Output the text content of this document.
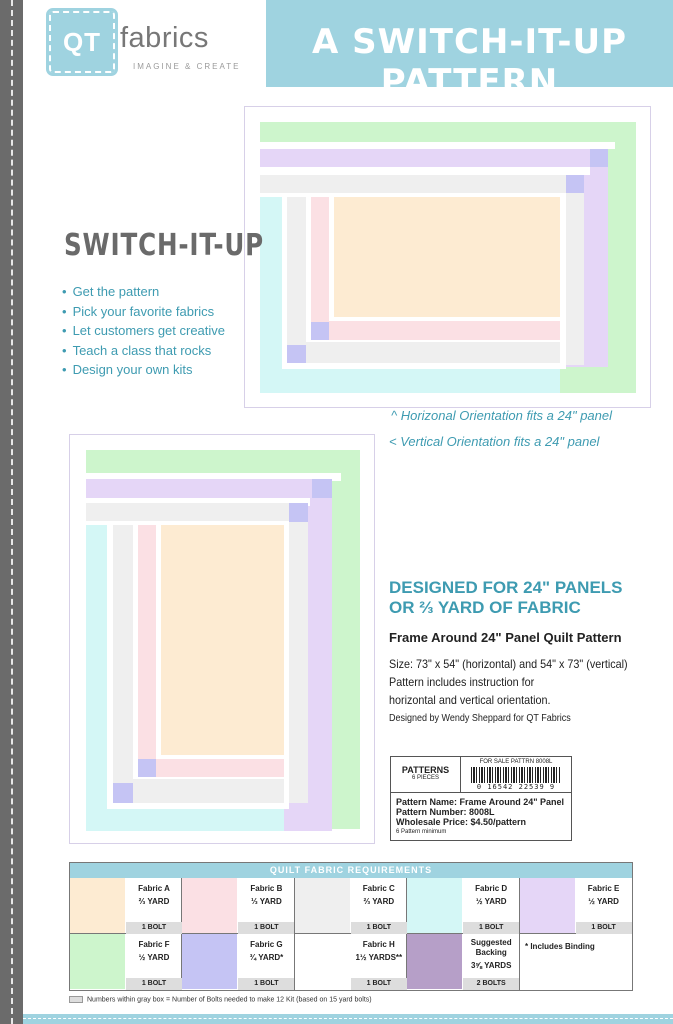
QT fabrics
IMAGINE & CREATE
A SWITCH-IT-UP PATTERN
SWITCH-IT-UP
• Get the pattern
• Pick your favorite fabrics
• Let customers get creative
• Teach a class that rocks
• Design your own kits
^ Horizonal Orientation fits a 24" panel
< Vertical Orientation fits a 24" panel
DESIGNED FOR 24" PANELS
OR ⅔ YARD OF FABRIC
Frame Around 24" Panel Quilt Pattern
Size: 73" x 54" (horizontal) and 54" x 73" (vertical)
Pattern includes instruction for
horizontal and vertical orientation.
Designed by Wendy Sheppard for QT Fabrics
PATTERNS
6 PIECES
FOR SALE PATTRN 8008L
0 16542 22539 9
Pattern Name: Frame Around 24" Panel
Pattern Number: 8008L
Wholesale Price: $4.50/pattern
6 Pattern minimum
QUILT FABRIC REQUIREMENTS
Fabric A
⅔ YARD
1 BOLT
Fabric B
⅓ YARD
1 BOLT
Fabric C
⅔ YARD
1 BOLT
Fabric D
½ YARD
1 BOLT
Fabric E
½ YARD
1 BOLT
Fabric F
½ YARD
1 BOLT
Fabric G
¾ YARD*
1 BOLT
Fabric H
1½ YARDS**
1 BOLT
Suggested Backing
3⅝ YARDS
2 BOLTS
* Includes Binding
Numbers within gray box = Number of Bolts needed to make 12 Kit (based on 15 yard bolts)
